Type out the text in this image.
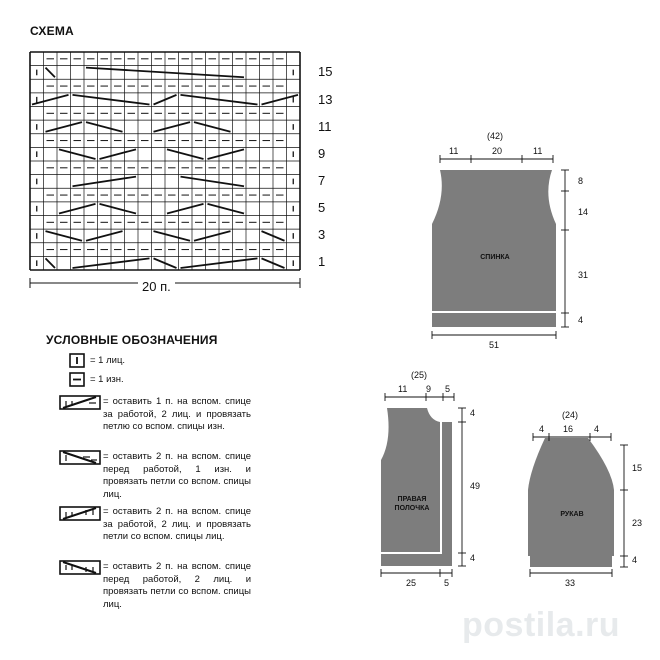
СХЕМА
15
13
11
9
7
5
3
1
20 п.
УСЛОВНЫЕ ОБОЗНАЧЕНИЯ
= 1 лиц.
= 1 изн.
= оставить 1 п. на вспом. спице за работой, 2 лиц. и провязать петлю со вспом. спицы изн.
= оставить 2 п. на вспом. спице перед работой, 1 изн. и провязать петли со вспом. спицы лиц.
= оставить 2 п. на вспом. спице за работой, 2 лиц. и провязать петли со вспом. спицы лиц.
= оставить 2 п. на вспом. спице перед работой, 2 лиц. и провязать петли со вспом. спицы лиц.
(42)
11	20	11
8
14
31
4
51
СПИНКА
(25)
11 9 5
4
49
4
25	5
ПРАВАЯ ПОЛОЧКА
(24)
4 16 4
15
23
4
33
РУКАВ
postila.ru
